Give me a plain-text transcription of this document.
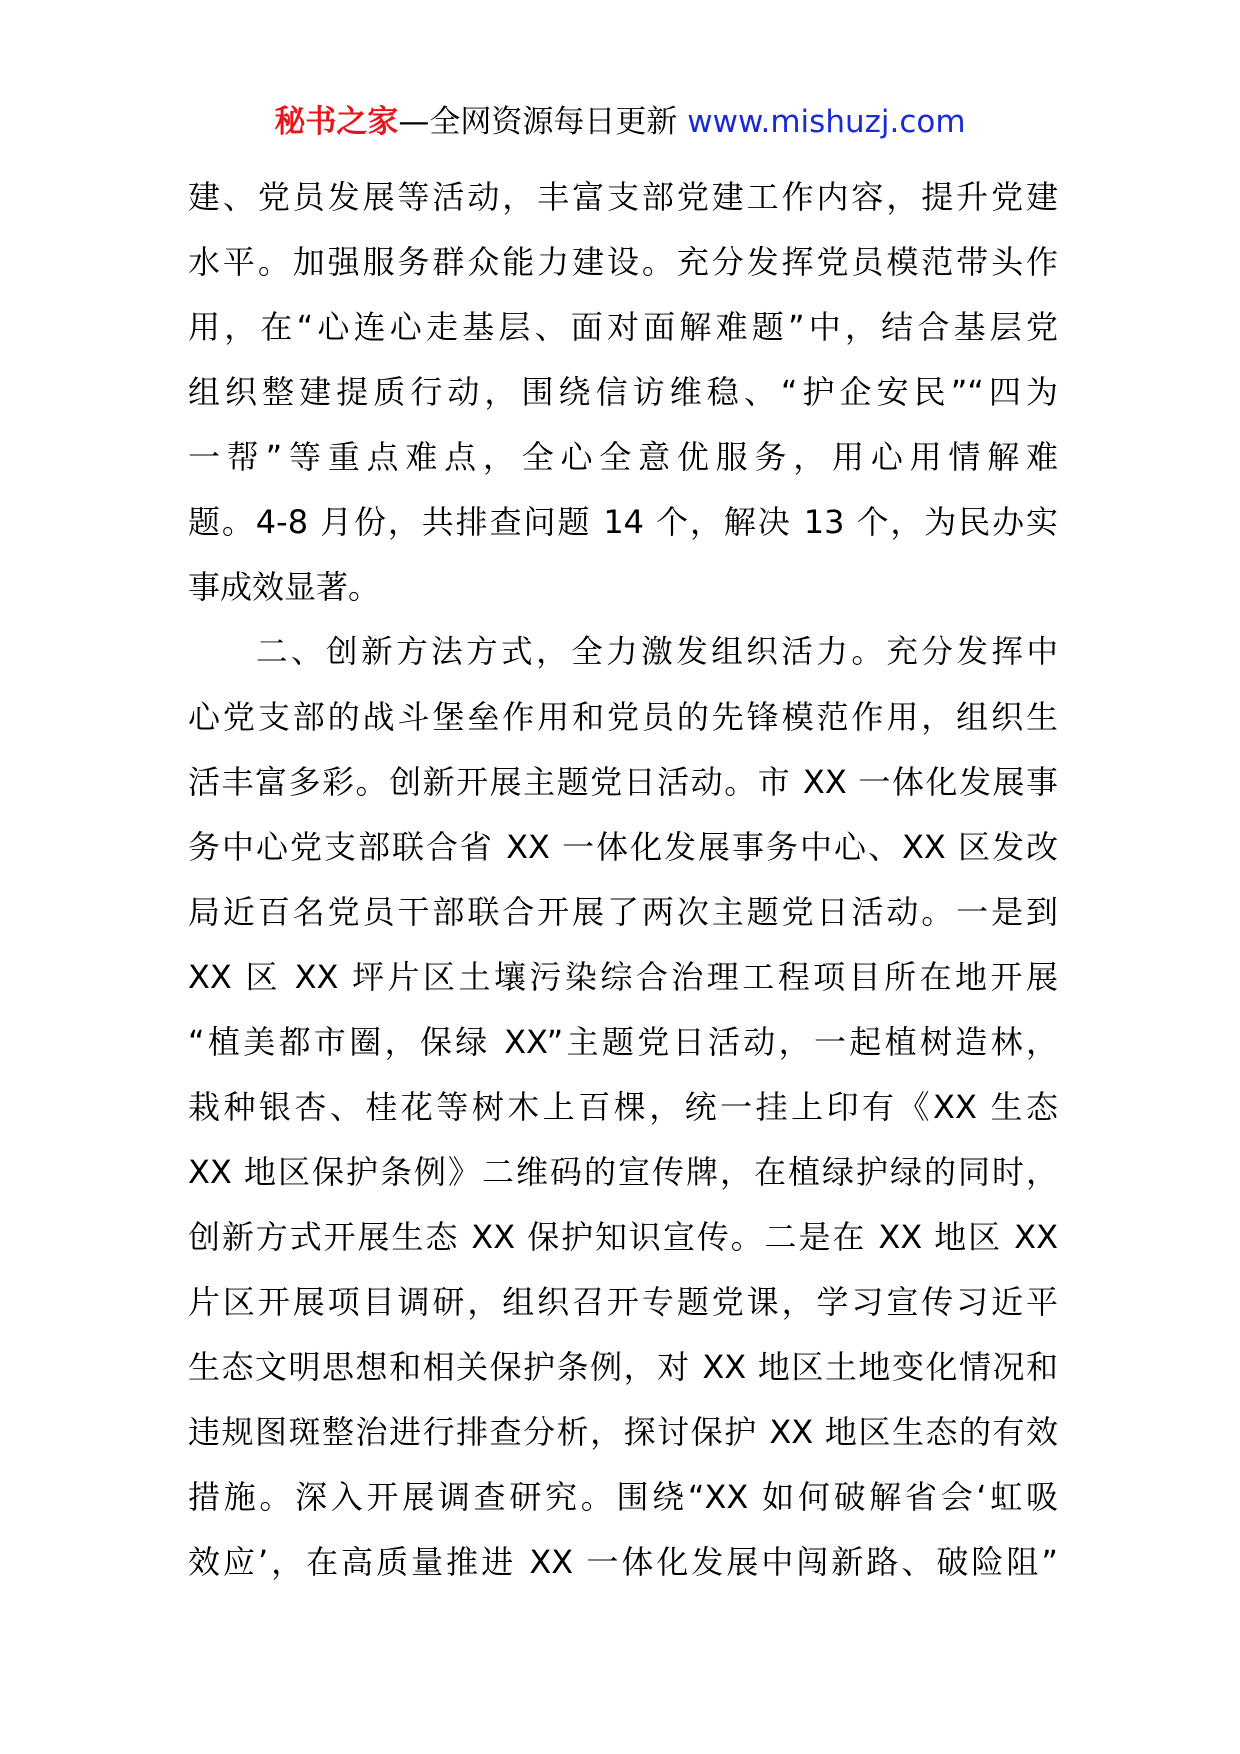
秘书之家—全网资源每日更新 www.mishuzj.com
建、党员发展等活动，丰富支部党建工作内容，提升党建
水平。加强服务群众能力建设。充分发挥党员模范带头作
用，在“心连心走基层、面对面解难题”中，结合基层党
组织整建提质行动，围绕信访维稳、“护企安民”“四为
一帮”等重点难点，全心全意优服务，用心用情解难
题。4-8 月份，共排查问题 14 个，解决 13 个，为民办实
事成效显著。
二、创新方法方式，全力激发组织活力。充分发挥中
心党支部的战斗堡垒作用和党员的先锋模范作用，组织生
活丰富多彩。创新开展主题党日活动。市 XX 一体化发展事
务中心党支部联合省 XX 一体化发展事务中心、XX 区发改
局近百名党员干部联合开展了两次主题党日活动。一是到
XX 区 XX 坪片区土壤污染综合治理工程项目所在地开展
“植美都市圈，保绿 XX”主题党日活动，一起植树造林，
栽种银杏、桂花等树木上百棵，统一挂上印有《XX 生态
XX 地区保护条例》二维码的宣传牌，在植绿护绿的同时，
创新方式开展生态 XX 保护知识宣传。二是在 XX 地区 XX
片区开展项目调研，组织召开专题党课，学习宣传习近平
生态文明思想和相关保护条例，对 XX 地区土地变化情况和
违规图斑整治进行排查分析，探讨保护 XX 地区生态的有效
措施。深入开展调查研究。围绕“XX 如何破解省会‘虹吸
效应’，在高质量推进 XX 一体化发展中闯新路、破险阻”
